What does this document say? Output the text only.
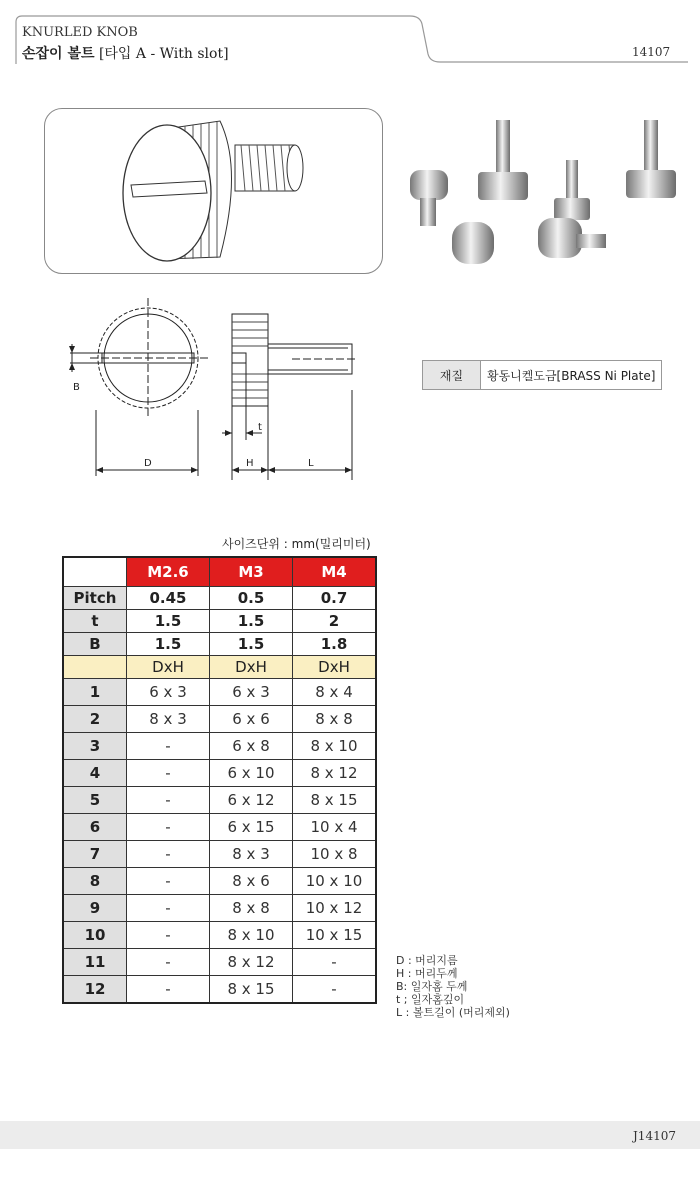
KNURLED KNOB
손잡이 볼트 [타입 A - With slot]	14107
B
D	H	L
t
재질	황동니켈도금[BRASS Ni Plate]
사이즈단위 : mm(밀리미터)
	M2.6	M3	M4
Pitch	0.45	0.5	0.7
t	1.5	1.5	2
B	1.5	1.5	1.8
	DxH	DxH	DxH
1	6 x 3	6 x 3	8 x 4
2	8 x 3	6 x 6	8 x 8
3	-	6 x 8	8 x 10
4	-	6 x 10	8 x 12
5	-	6 x 12	8 x 15
6	-	6 x 15	10 x 4
7	-	8 x 3	10 x 8
8	-	8 x 6	10 x 10
9	-	8 x 8	10 x 12
10	-	8 x 10	10 x 15
11	-	8 x 12	-
12	-	8 x 15	-
D : 머리지름
H : 머리두께
B: 일자홈 두께
t ; 일자홈깊이
L : 볼트길이 (머리제외)
J14107
